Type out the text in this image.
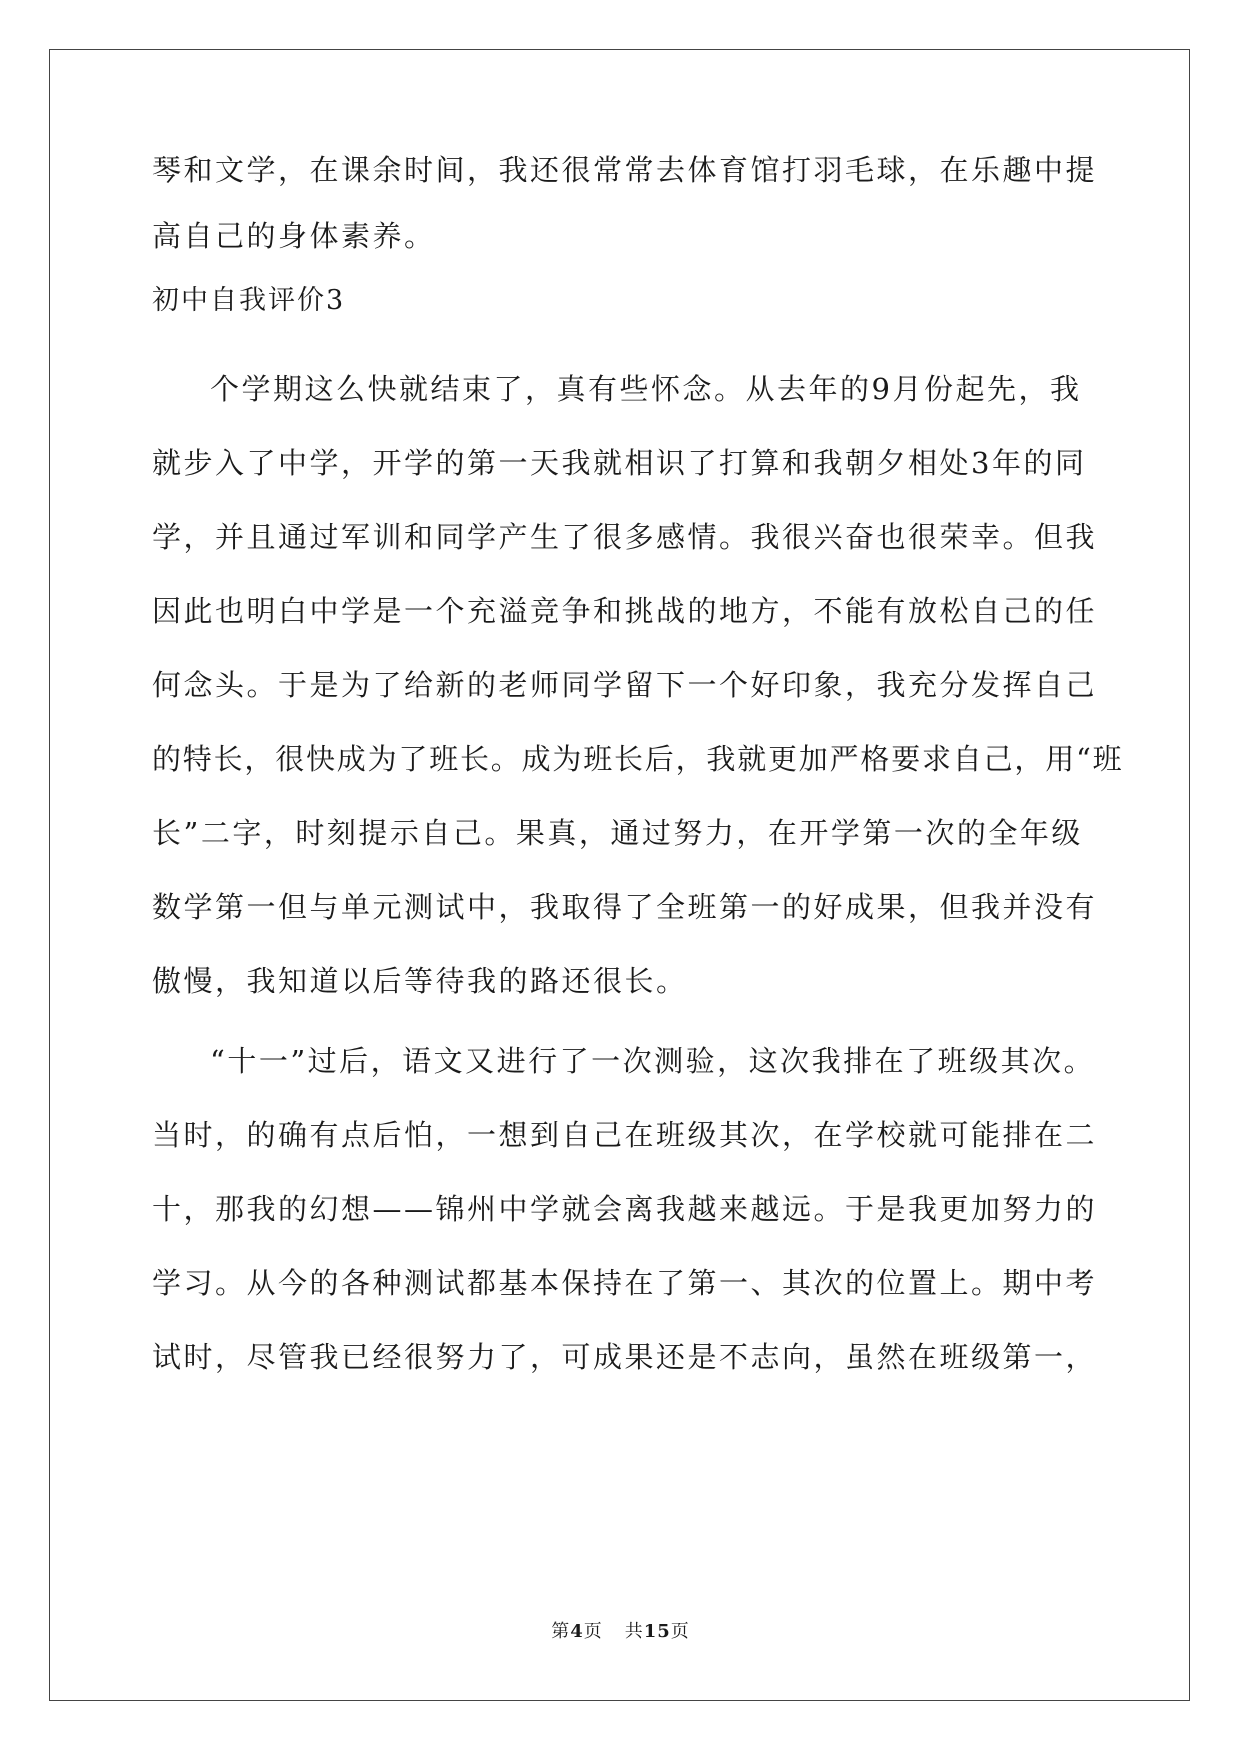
琴和文学，在课余时间，我还很常常去体育馆打羽毛球，在乐趣中提
高自己的身体素养。
初中自我评价3
个学期这么快就结束了，真有些怀念。从去年的9月份起先，我
就步入了中学，开学的第一天我就相识了打算和我朝夕相处3年的同
学，并且通过军训和同学产生了很多感情。我很兴奋也很荣幸。但我
因此也明白中学是一个充溢竞争和挑战的地方，不能有放松自己的任
何念头。于是为了给新的老师同学留下一个好印象，我充分发挥自己
的特长，很快成为了班长。成为班长后，我就更加严格要求自己，用“班
长”二字，时刻提示自己。果真，通过努力，在开学第一次的全年级
数学第一但与单元测试中，我取得了全班第一的好成果，但我并没有
傲慢，我知道以后等待我的路还很长。
“十一”过后，语文又进行了一次测验，这次我排在了班级其次。
当时，的确有点后怕，一想到自己在班级其次，在学校就可能排在二
十，那我的幻想——锦州中学就会离我越来越远。于是我更加努力的
学习。从今的各种测试都基本保持在了第一、其次的位置上。期中考
试时，尽管我已经很努力了，可成果还是不志向，虽然在班级第一，
第4页 共15页
